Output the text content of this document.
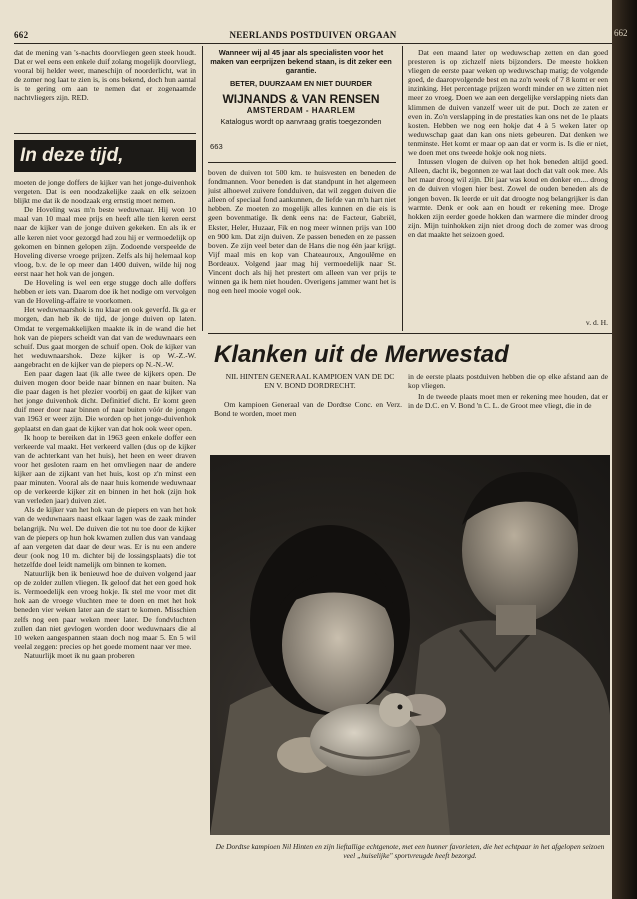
662	NEERLANDS POSTDUIVEN ORGAAN

dat de mening van 's-nachts doorvliegen geen steek houdt. Dat er wel eens een enkele duif zolang mogelijk doorvliegt, vooral bij helder weer, maneschijn of noorderlicht, wat in de zomer nog laat te zien is, is ons bekend, doch hun aantal is te gering om aan te nemen dat er zogenaamde nachtvliegers zijn. RED.

In deze tijd,

moeten de jonge doffers de kijker van het jonge-duivenhok vergeten. Dat is een noodzakelijke zaak en elk seizoen blijkt me dat ik de noodzaak erg ernstig moet nemen.

De Hoveling was m'n beste weduwnaar. Hij won 10 maal van 10 maal mee prijs en heeft alle tien keren eerst naar de kijker van de jonge duiven gekeken. En als ik er alle keren niet voor gezorgd had zou hij er vermoedelijk op gekomen en binnen gelopen zijn. Zodoende verspeelde de Hoveling diverse vroege prijzen. Zelfs als hij helemaal kop vloog, b.v. de le op meer dan 1400 duiven, wilde hij nog eerst naar het hok van de jongen.

De Hoveling is wel een erge stugge doch alle doffers hebben er iets van. Daarom doe ik het nodige om vervolgen van de Hoveling-affaire te voorkomen.

Het weduwnaarshok is nu klaar en ook geverfd. Ik ga er morgen, dan heb ik de tijd, de jonge duiven op laten. Omdat te vergemakkelijken maakte ik in de wand die het hok van de piepers scheidt van dat van de weduwnaars een schuif. Dus gaat morgen de schuif open. Ook de kijker van het weduwnaarshok. Deze kijker is op W.-Z.-W. aangebracht en de kijker van de piepers op N.-N.-W.

Een paar dagen laat (ik alle twee de kijkers open. De duiven mogen door beide naar binnen en naar buiten. Na die paar dagen is het plezier voorbij en gaat de kijker van het jonge duivenhok dicht. Definitief dicht. Er komt geen duif meer door naar binnen of naar buiten vóór de jongen van 1963 er weer zijn. Die worden op het jonge-duivenhok geplaatst en dan gaat de kijker van dat hok ook weer open.

Ik hoop te bereiken dat in 1963 geen enkele doffer een verkeerde val maakt. Het verkeerd vallen (dus op de kijker van de achterkant van het huis), het heen en weer draven voor het gesloten raam en het omvliegen naar de andere kijker aan de zijkant van het huis, kost op z'n minst een paar minuten. Vooral als de naar huis komende weduwnaar op de verkeerde kijker zit en binnen in het hok (zijn hok van verleden jaar) duiven ziet.

Als de kijker van het hok van de piepers en van het hok van de weduwnaars naast elkaar lagen was de zaak minder belangrijk. Nu wel. De duiven die tot nu toe door de kijker van de piepers op hun hok kwamen zullen dus van vandaag af aan vergeten dat daar de deur was. Er is nu een andere deur (ook nog 10 m. dichter bij de lossingsplaats) die tot hetzelfde doel leidt namelijk om binnen te komen.

Natuurlijk ben ik benieuwd hoe de duiven volgend jaar op de zolder zullen vliegen. Ik geloof dat het een goed hok is. Vermoedelijk een vroeg hokje. Ik stel me voor met dit hok aan de vroege vluchten mee te doen en met het hok beneden vier weken later aan de start te komen. Misschien zelfs nog een paar weken meer later. De fondvluchten zullen dan niet gevlogen worden door weduwnaars die al 10 weken aangespannen staan doch nog maar 5. En 5 wil veelal zeggen: precies op het goede moment naar ver mee.

Natuurlijk moet ik nu gaan proberen

Wanneer wij al 45 jaar als specialisten voor het maken van eerprijzen bekend staan, is dit zeker een garantie.
BETER, DUURZAAM EN NIET DUURDER
WIJNANDS & VAN RENSEN
AMSTERDAM - HAARLEM
Katalogus wordt op aanvraag gratis toegezonden
663

boven de duiven tot 500 km. te huisvesten en beneden de fondmannen. Voor beneden is dat standpunt in het algemeen juist alhoewel zuivere fondduiven, dat wil zeggen duiven die alleen of speciaal fond aankunnen, de liefde van m'n hart niet hebben. Ze moeten zo mogelijk alles kunnen en die eis is geen bovenmatige. Ik denk eens na: de Facteur, Gabriël, Ekster, Heler, Huzaar, Fik en nog meer winnen prijs van 100 en 900 km. Dat zijn duiven. Ze passen beneden en ze passen boven. Ze zijn veel beter dan de Hans die nog één jaar krijgt. Vijf maal mis en kop van Chateauroux, Angoulême en Bordeaux. Volgend jaar mag hij vermoedelijk naar St. Vincent doch als hij het prestert om alleen van ver prijs te winnen ga ik hem niet houden. Overigens jammer want het is nog een heel mooie vogel ook.

Dat een maand later op weduwschap zetten en dan goed presteren is op zichzelf niets bijzonders. De meeste hokken vliegen de eerste paar weken op weduwschap matig; de volgende goed, de daaropvolgende best en na zo'n week of 7 8 komt er een inzinking. Het percentage prijzen wordt minder en we zitten niet meer zo vroeg. Doen we aan een dergelijke verslapping niets dan klimmen de duiven vanzelf weer uit de put. Doch ze zaten er even in. Zo'n verslapping in de prestaties kan ons net de 1e plaats kosten. Hebben we nog een hokje dat 4 à 5 weken later op weduwschap gaat dan kan ons niets gebeuren. Dat denken we tenminste. Het komt er maar op aan dat er vorm is. Is die er niet, we doen met ons tweede hokje ook nog niets.

Intussen vlogen de duiven op het hok beneden altijd goed. Alleen, dacht ik, begonnen ze wat laat doch dat valt ook mee. Als het maar droog wil zijn. Dit jaar was koud en donker en.... droog en de duiven vlogen hier best. Zowel de ouden beneden als de jongen boven. Ik leerde er uit dat droogte nog belangrijker is dan warmte. Denk er ook aan en houdt er rekening mee. Droge hokken zijn eerder goede hokken dan warmere die minder droog zijn. Mijn tuinhokken zijn niet droog doch de zomer was droog en dat maakte het seizoen goed.

v. d. H.
Klanken uit de Merwestad
NIL HINTEN GENERAAL KAMPIOEN VAN DE DC EN V. BOND DORDRECHT.

Om kampioen Generaal van de Dordtse Conc. en Verz. Bond te worden, moet men

in de eerste plaats postduiven hebben die op elke afstand aan de kop vliegen.

In de tweede plaats moet men er rekening mee houden, dat er in de D.C. en V. Bond 'n C. L. de Groot mee vliegt, die in de

De Dordtse kampioen Nil Hinten en zijn lieftallige echtgenote, met een hunner favorieten, die het echtpaar in het afgelopen seizoen veel „huiselijke" sportvreugde heeft bezorgd.
662
